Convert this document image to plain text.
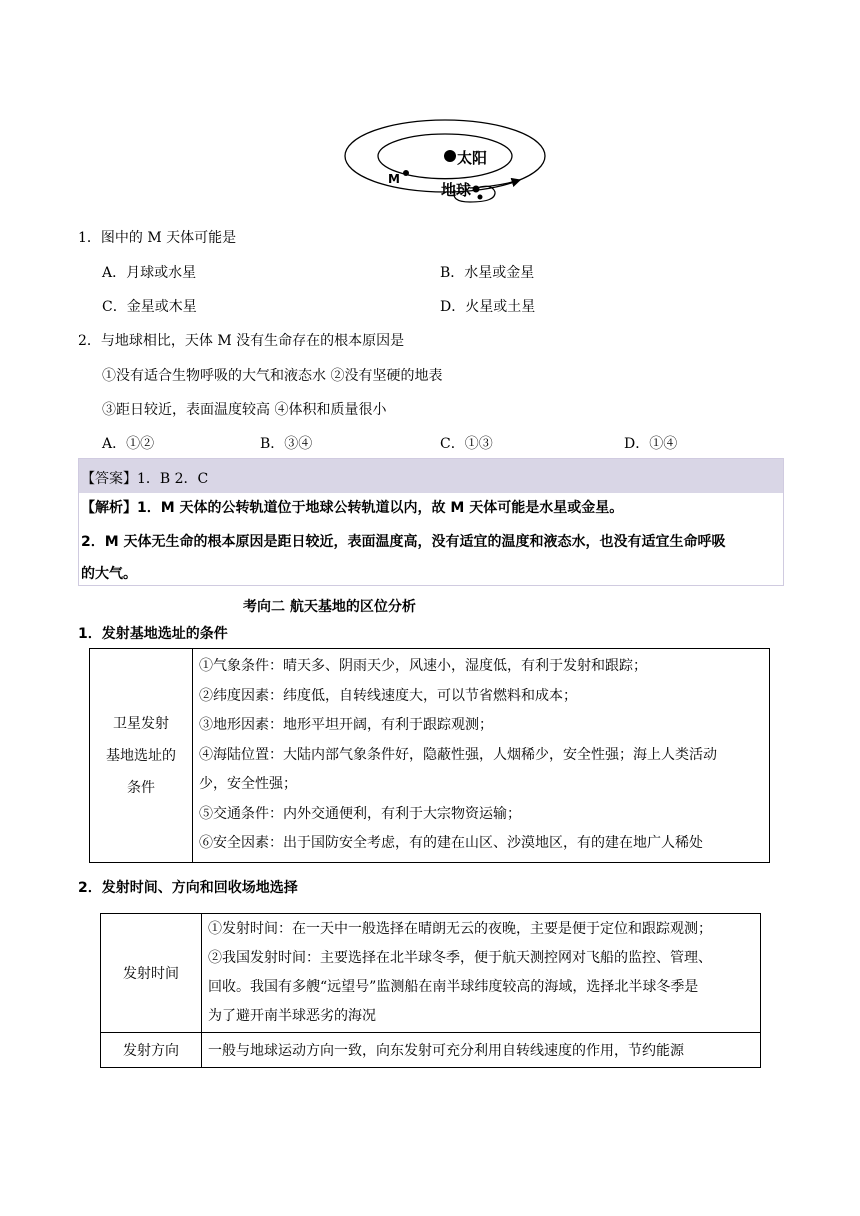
太阳
地球
M
1．图中的 M 天体可能是
A．月球或水星	B．水星或金星
C．金星或木星	D．火星或土星
2．与地球相比，天体 M 没有生命存在的根本原因是
①没有适合生物呼吸的大气和液态水 ②没有坚硬的地表
③距日较近，表面温度较高 ④体积和质量很小
A．①②	B．③④	C．①③	D．①④
【答案】1．B 2．C
【解析】1．M 天体的公转轨道位于地球公转轨道以内，故 M 天体可能是水星或金星。
2．M 天体无生命的根本原因是距日较近，表面温度高，没有适宜的温度和液态水，也没有适宜生命呼吸
的大气。
考向二 航天基地的区位分析
1．发射基地选址的条件
卫星发射
基地选址的
条件

①气象条件：晴天多、阴雨天少，风速小，湿度低，有利于发射和跟踪；
②纬度因素：纬度低，自转线速度大，可以节省燃料和成本；
③地形因素：地形平坦开阔，有利于跟踪观测；
④海陆位置：大陆内部气象条件好，隐蔽性强，人烟稀少，安全性强；海上人类活动
少，安全性强；
⑤交通条件：内外交通便利，有利于大宗物资运输；
⑥安全因素：出于国防安全考虑，有的建在山区、沙漠地区，有的建在地广人稀处
2．发射时间、方向和回收场地选择
发射时间	①发射时间：在一天中一般选择在晴朗无云的夜晚，主要是便于定位和跟踪观测；
②我国发射时间：主要选择在北半球冬季，便于航天测控网对飞船的监控、管理、
回收。我国有多艘“远望号”监测船在南半球纬度较高的海域，选择北半球冬季是
为了避开南半球恶劣的海况

发射方向	一般与地球运动方向一致，向东发射可充分利用自转线速度的作用，节约能源
